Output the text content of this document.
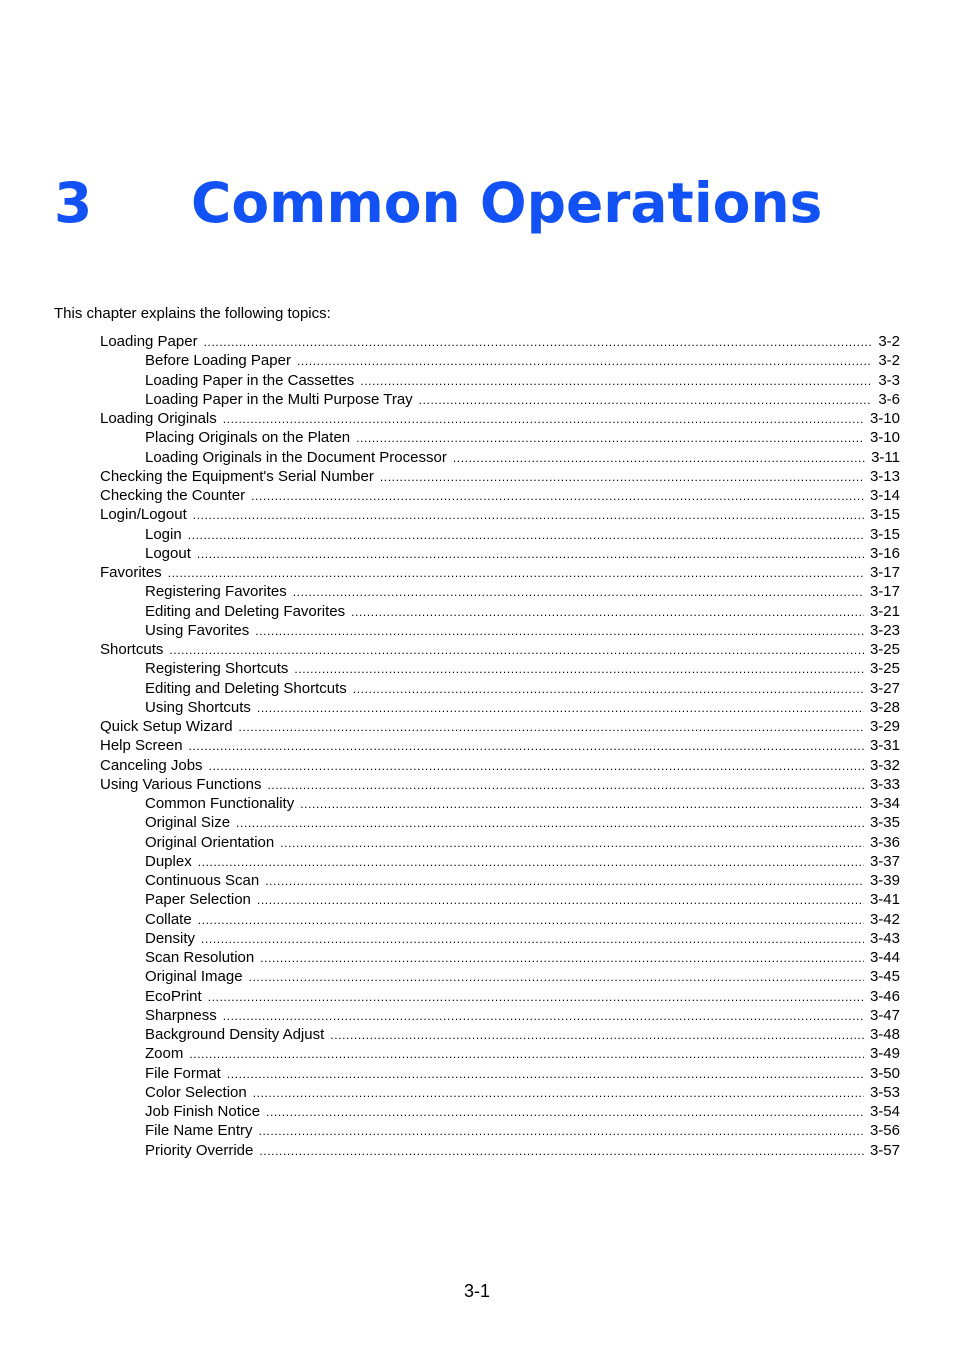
3 Common Operations
This chapter explains the following topics:
Loading Paper .....	3-2
Before Loading Paper .....	3-2
Loading Paper in the Cassettes .....	3-3
Loading Paper in the Multi Purpose Tray .....	3-6
Loading Originals .....	3-10
Placing Originals on the Platen .....	3-10
Loading Originals in the Document Processor .....	3-11
Checking the Equipment's Serial Number .....	3-13
Checking the Counter .....	3-14
Login/Logout .....	3-15
Login .....	3-15
Logout .....	3-16
Favorites .....	3-17
Registering Favorites .....	3-17
Editing and Deleting Favorites .....	3-21
Using Favorites .....	3-23
Shortcuts .....	3-25
Registering Shortcuts .....	3-25
Editing and Deleting Shortcuts .....	3-27
Using Shortcuts .....	3-28
Quick Setup Wizard .....	3-29
Help Screen .....	3-31
Canceling Jobs .....	3-32
Using Various Functions .....	3-33
Common Functionality .....	3-34
Original Size .....	3-35
Original Orientation .....	3-36
Duplex .....	3-37
Continuous Scan .....	3-39
Paper Selection .....	3-41
Collate .....	3-42
Density .....	3-43
Scan Resolution .....	3-44
Original Image .....	3-45
EcoPrint .....	3-46
Sharpness .....	3-47
Background Density Adjust .....	3-48
Zoom .....	3-49
File Format .....	3-50
Color Selection .....	3-53
Job Finish Notice .....	3-54
File Name Entry .....	3-56
Priority Override .....	3-57
3-1
